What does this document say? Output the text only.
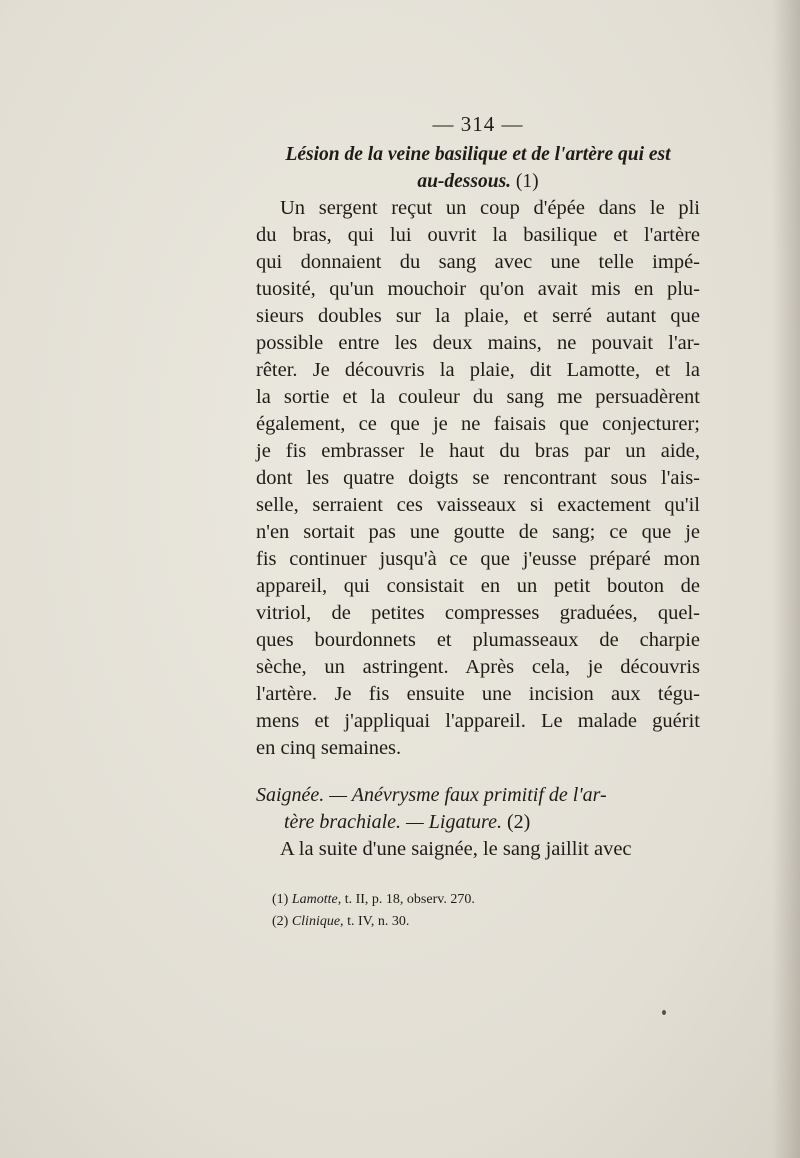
— 314 —
Lésion de la veine basilique et de l'artère qui est
au-dessous. (1)
Un sergent reçut un coup d'épée dans le pli
du bras, qui lui ouvrit la basilique et l'artère
qui donnaient du sang avec une telle impé-
tuosité, qu'un mouchoir qu'on avait mis en plu-
sieurs doubles sur la plaie, et serré autant que
possible entre les deux mains, ne pouvait l'ar-
rêter. Je découvris la plaie, dit Lamotte, et la
la sortie et la couleur du sang me persuadèrent
également, ce que je ne faisais que conjecturer;
je fis embrasser le haut du bras par un aide,
dont les quatre doigts se rencontrant sous l'ais-
selle, serraient ces vaisseaux si exactement qu'il
n'en sortait pas une goutte de sang; ce que je
fis continuer jusqu'à ce que j'eusse préparé mon
appareil, qui consistait en un petit bouton de
vitriol, de petites compresses graduées, quel-
ques bourdonnets et plumasseaux de charpie
sèche, un astringent. Après cela, je découvris
l'artère. Je fis ensuite une incision aux tégu-
mens et j'appliquai l'appareil. Le malade guérit
en cinq semaines.
Saignée. — Anévrysme faux primitif de l'ar-
tère brachiale. — Ligature. (2)
A la suite d'une saignée, le sang jaillit avec
(1) Lamotte, t. II, p. 18, observ. 270.
(2) Clinique, t. IV, n. 30.
